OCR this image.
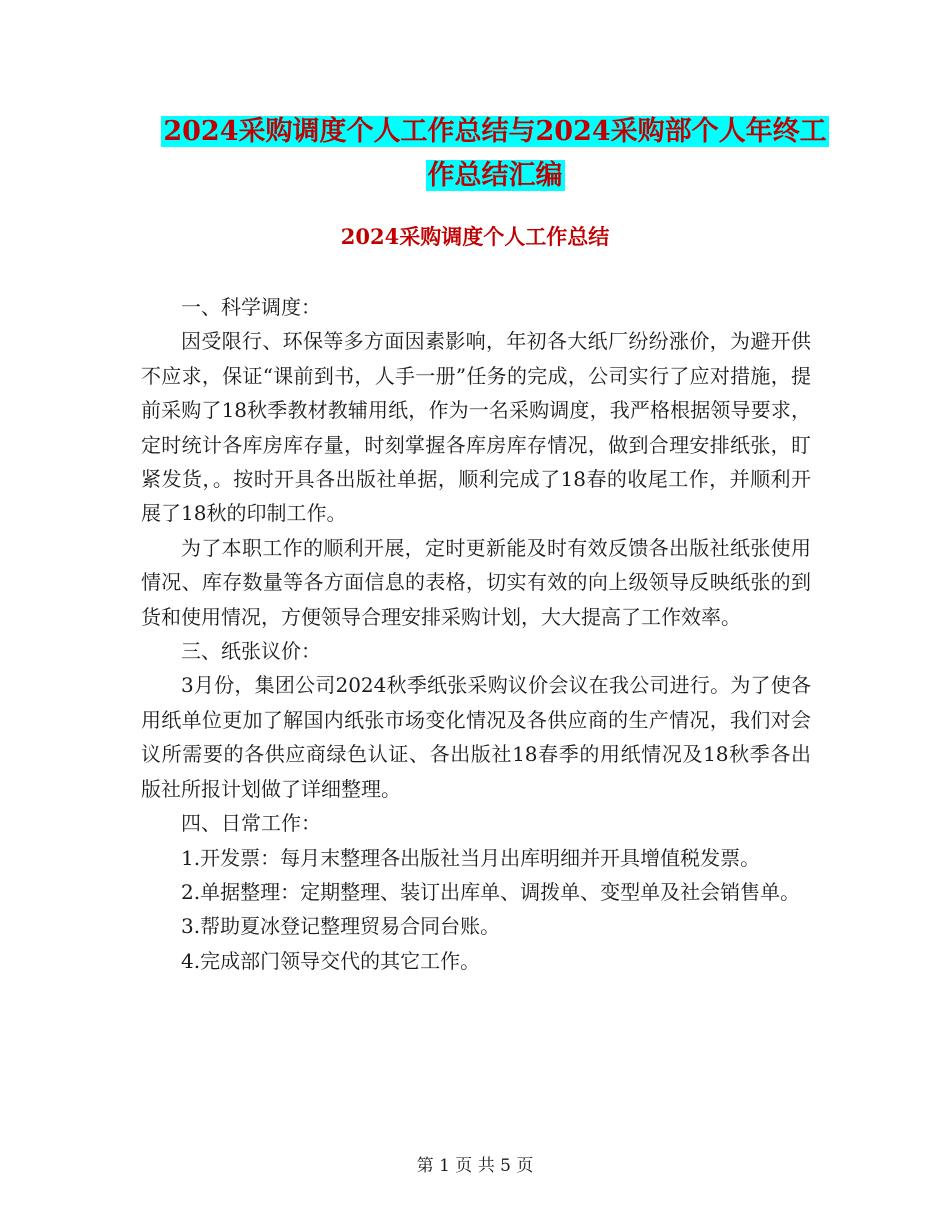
2024采购调度个人工作总结与2024采购部个人年终工
作总结汇编
2024采购调度个人工作总结

一、科学调度：

因受限行、环保等多方面因素影响，年初各大纸厂纷纷涨价，为避开供不应求，保证“课前到书，人手一册”任务的完成，公司实行了应对措施，提前采购了18秋季教材教辅用纸，作为一名采购调度，我严格根据领导要求，定时统计各库房库存量，时刻掌握各库房库存情况，做到合理安排纸张，盯紧发货，。按时开具各出版社单据，顺利完成了18春的收尾工作，并顺利开展了18秋的印制工作。

为了本职工作的顺利开展，定时更新能及时有效反馈各出版社纸张使用情况、库存数量等各方面信息的表格，切实有效的向上级领导反映纸张的到货和使用情况，方便领导合理安排采购计划，大大提高了工作效率。

三、纸张议价：

3月份，集团公司2024秋季纸张采购议价会议在我公司进行。为了使各用纸单位更加了解国内纸张市场变化情况及各供应商的生产情况，我们对会议所需要的各供应商绿色认证、各出版社18春季的用纸情况及18秋季各出版社所报计划做了详细整理。

四、日常工作：

1.开发票：每月末整理各出版社当月出库明细并开具增值税发票。

2.单据整理：定期整理、装订出库单、调拨单、变型单及社会销售单。

3.帮助夏冰登记整理贸易合同台账。

4.完成部门领导交代的其它工作。

第 1 页 共 5 页
